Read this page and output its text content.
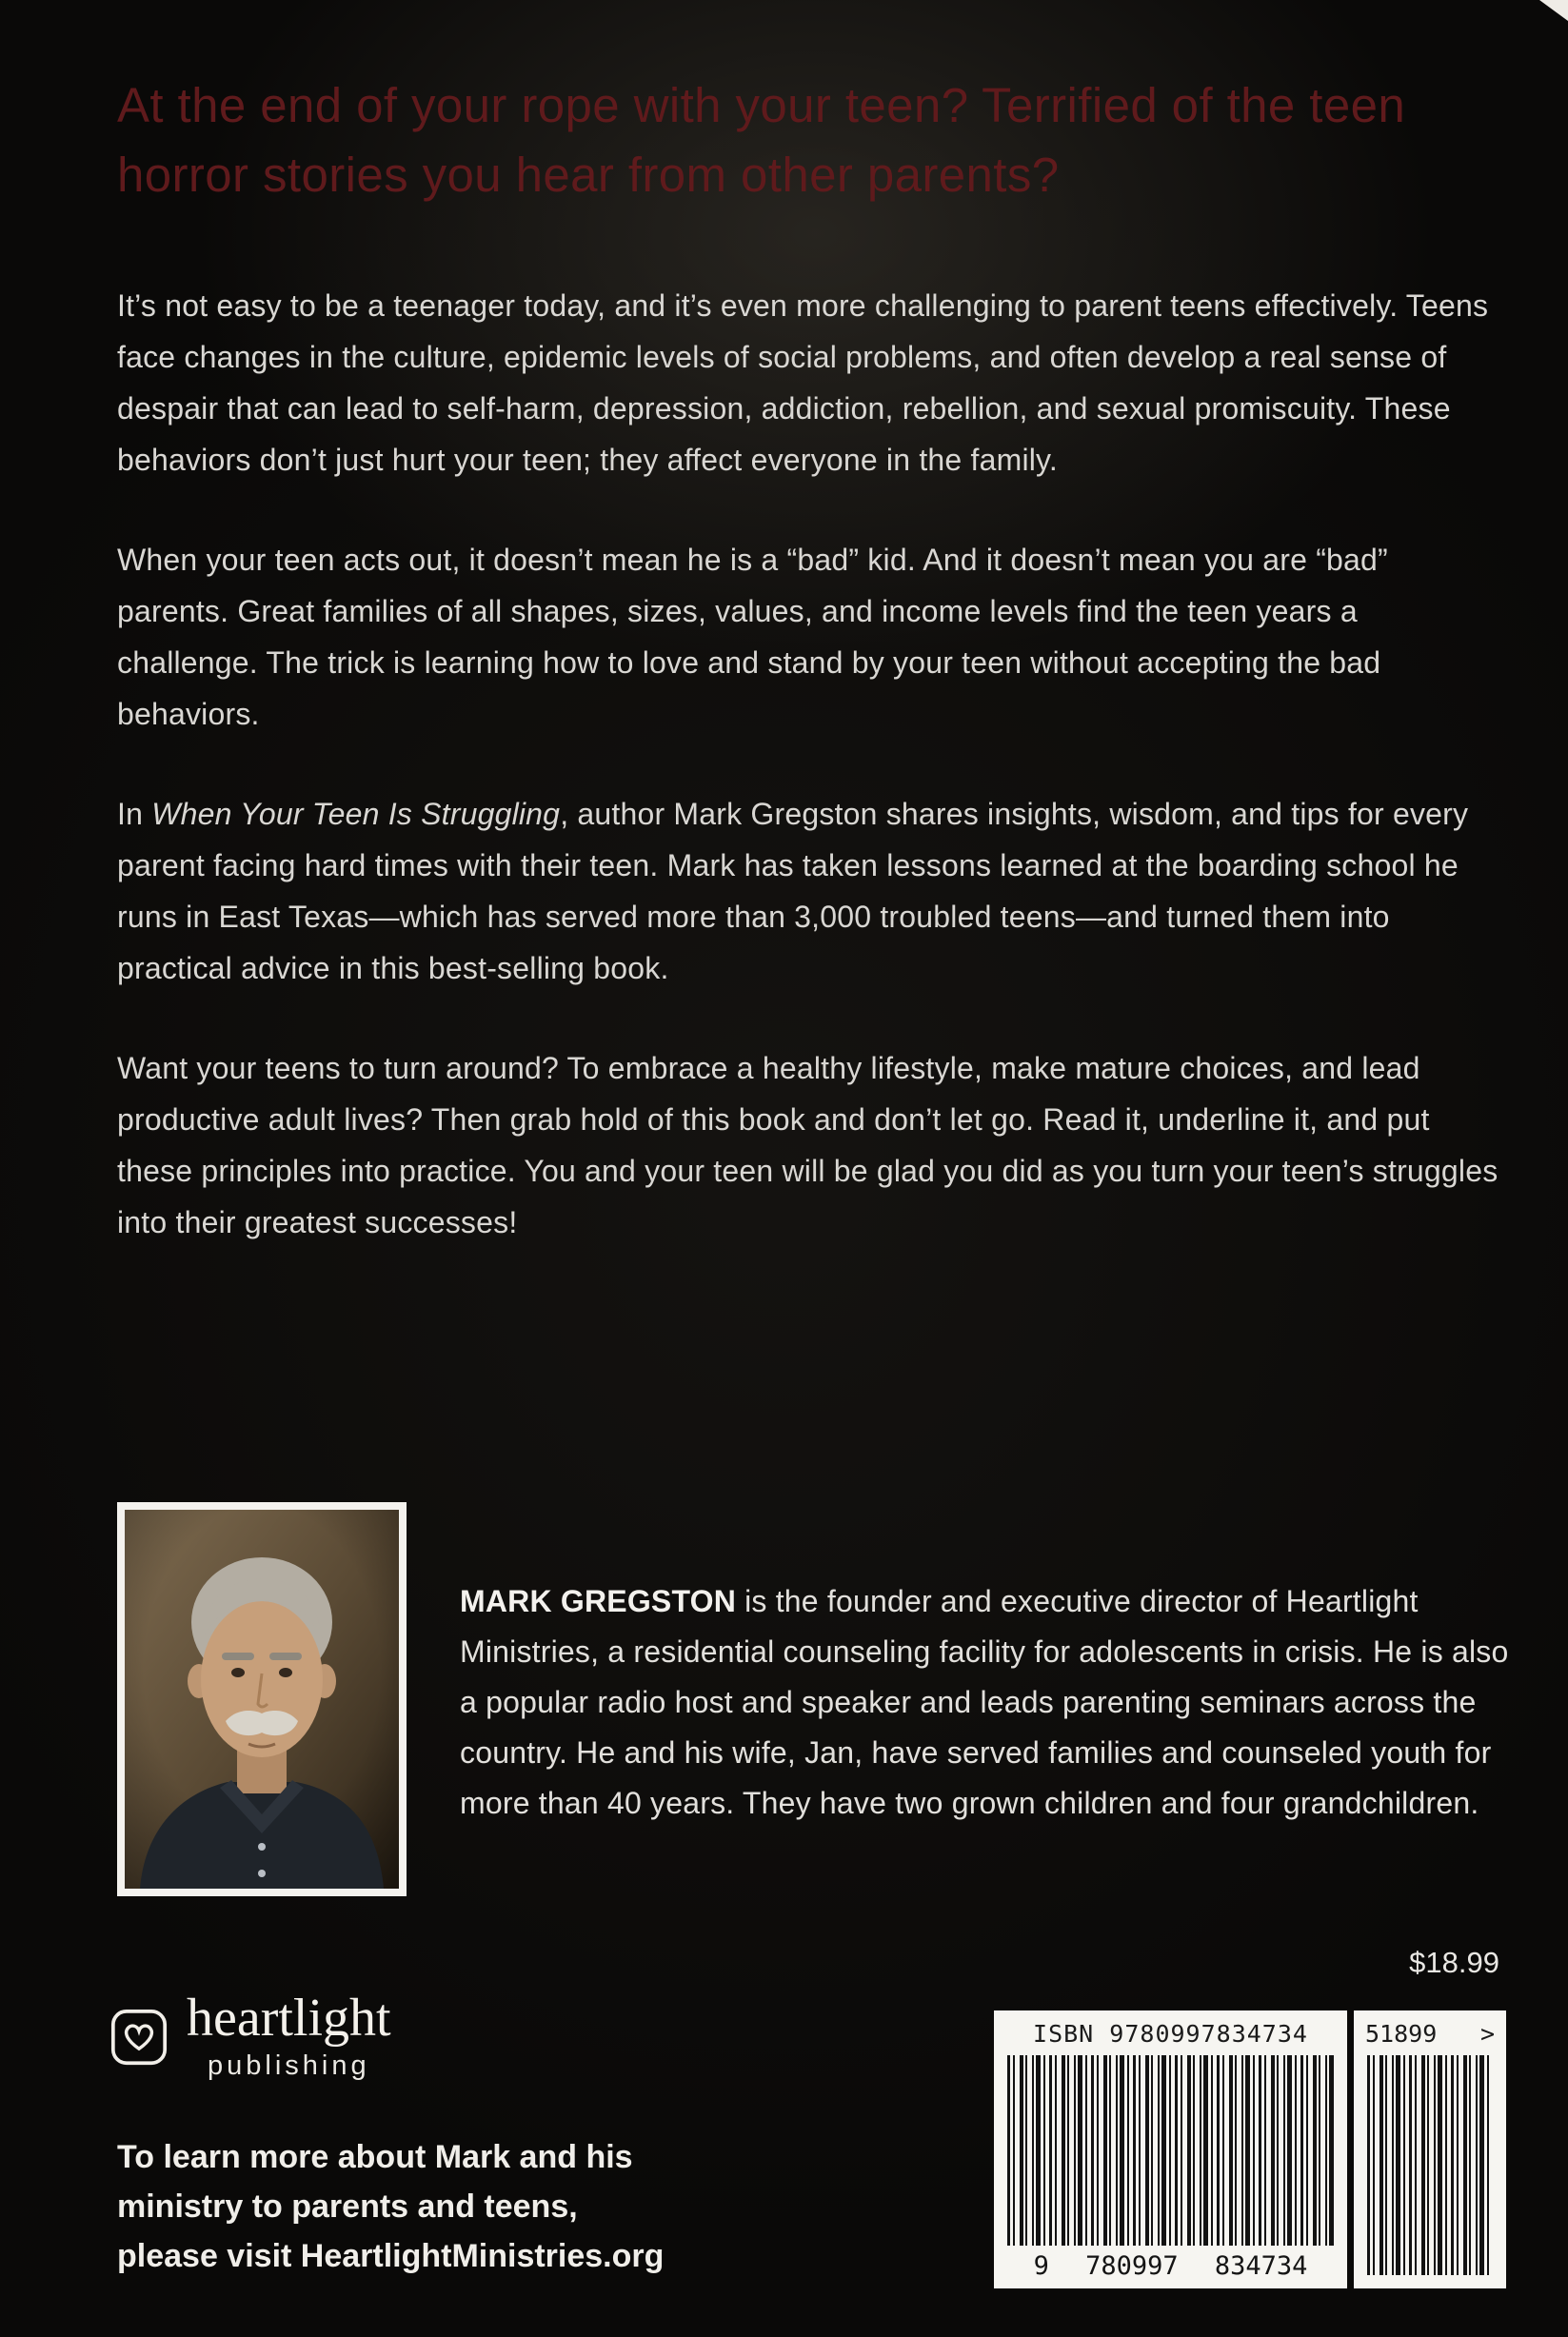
At the end of your rope with your teen? Terrified of the teen horror stories you hear from other parents?

It’s not easy to be a teenager today, and it’s even more challenging to parent teens effectively. Teens face changes in the culture, epidemic levels of social problems, and often develop a real sense of despair that can lead to self-harm, depression, addiction, rebellion, and sexual promiscuity. These behaviors don’t just hurt your teen; they affect everyone in the family.

When your teen acts out, it doesn’t mean he is a “bad” kid. And it doesn’t mean you are “bad” parents. Great families of all shapes, sizes, values, and income levels find the teen years a challenge. The trick is learning how to love and stand by your teen without accepting the bad behaviors.

In When Your Teen Is Struggling, author Mark Gregston shares insights, wisdom, and tips for every parent facing hard times with their teen. Mark has taken lessons learned at the boarding school he runs in East Texas—which has served more than 3,000 troubled teens—and turned them into practical advice in this best-selling book.

Want your teens to turn around? To embrace a healthy lifestyle, make mature choices, and lead productive adult lives? Then grab hold of this book and don’t let go. Read it, underline it, and put these principles into practice. You and your teen will be glad you did as you turn your teen’s struggles into their greatest successes!

MARK GREGSTON is the founder and executive director of Heartlight Ministries, a residential counseling facility for adolescents in crisis. He is also a popular radio host and speaker and leads parenting seminars across the country. He and his wife, Jan, have served families and counseled youth for more than 40 years. They have two grown children and four grandchildren.

$18.99
heartlight
publishing
To learn more about Mark and his
ministry to parents and teens,
please visit HeartlightMinistries.org
ISBN 9780997834734
9 780997 834734
51899 >
